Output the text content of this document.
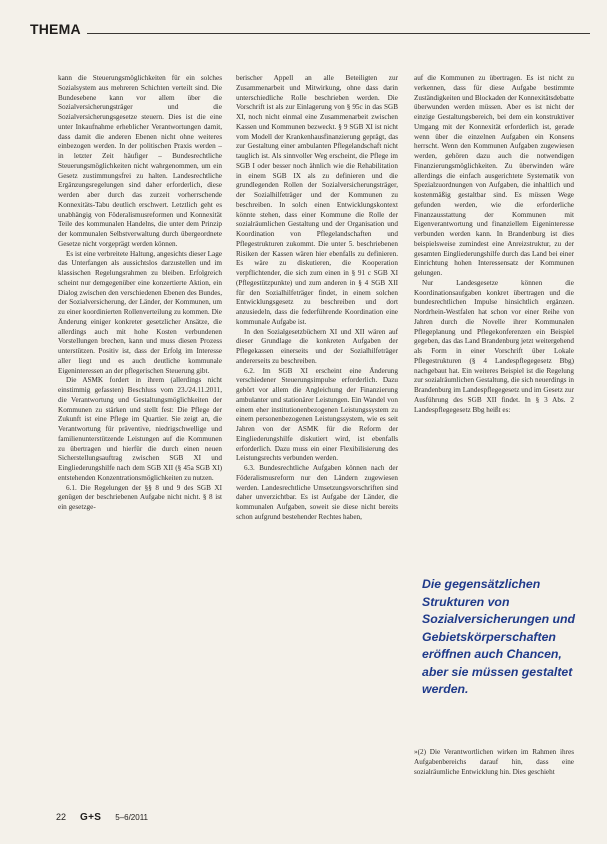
THEMA

kann die Steuerungsmöglichkeiten für ein solches Sozialsystem aus mehreren Schichten verteilt sind. Die Bundesebene kann vor allem über die Sozialversicherungsträger und die Sozialversicherungsgesetze steuern. Dies ist die eine unter Inkaufnahme erheblicher Verantwortungen damit, dass damit die anderen Ebenen nicht ohne weiteres einbezogen werden. In der politischen Praxis werden – in letzter Zeit häufiger – Bundesrechtliche Steuerungsmöglichkeiten nicht wahrgenommen, um ein Gesetz zustimmungsfrei zu halten. Landesrechtliche Ergänzungsregelungen sind daher erforderlich, diese werden aber durch das zurzeit vorherrschende Konnexitäts-Tabu deutlich erschwert. Letztlich geht es unabhängig von Föderalismusreformen und Konnexität Teile des kommunalen Handelns, die unter dem Prinzip der kommunalen Selbstverwaltung durch übergeordnete Gesetze nicht vorgeprägt werden können.

Es ist eine verbreitete Haltung, angesichts dieser Lage das Unterfangen als aussichtslos darzustellen und im klassischen Regelungsrahmen zu bleiben. Erfolgreich scheint nur demgegenüber eine konzertierte Aktion, ein Dialog zwischen den verschiedenen Ebenen des Bundes, der Sozialversicherung, der Länder, der Kommunen, um zu einer koordinierten Rollenverteilung zu kommen. Die Änderung einiger konkreter gesetzlicher Ansätze, die allerdings auch mit hohe Kosten verbundenen Vorstellungen brechen, kann und muss diesen Prozess unterstützen. Positiv ist, dass der Erfolg im Interesse aller liegt und es auch deutliche kommunale Eigeninteressen an der pflegerischen Steuerung gibt.

Die ASMK fordert in ihrem (allerdings nicht einstimmig gefassten) Beschluss vom 23./24.11.2011, die Verantwortung und Gestaltungsmöglichkeiten der Kommunen zu stärken und stellt fest: Die Pflege der Zukunft ist eine Pflege im Quartier. Sie zeigt an, die Verantwortung für präventive, niedrigschwellige und familienunterstützende Leistungen auf die Kommunen zu übertragen und hierfür die durch einen neuen Sicherstellungsauftrag zwischen SGB XI und Eingliederungshilfe nach dem SGB XII (§ 45a SGB XI) entstehenden Konzentrationsmöglichkeiten zu nutzen.

6.1. Die Regelungen der §§ 8 und 9 des SGB XI genügen der beschriebenen Aufgabe nicht nicht. § 8 ist ein gesetzge-

berischer Appell an alle Beteiligten zur Zusammenarbeit und Mitwirkung, ohne dass darin unterschiedliche Rolle beschrieben werden. Die Vorschrift ist als zur Einlagerung von § 95c in das SGB XI, noch nicht einmal eine Zusammenarbeit zwischen Kassen und Kommunen bezweckt. § 9 SGB XI ist nicht vom Modell der Krankenhausfinanzierung geprägt, das zur Gestaltung einer ambulanten Pflegelandschaft nicht tauglich ist. Als sinnvoller Weg erscheint, die Pflege im SGB I oder besser noch ähnlich wie die Rehabilitation in einem SGB IX als zu definieren und die grundlegenden Rollen der Sozialversicherungsträger, der Sozialhilfeträger und der Kommunen zu beschreiben. In solch einen Entwicklungskontext könnte stehen, dass einer Kommune die Rolle der sozialräumlichen Gestaltung und der Organisation und Koordination von Pflegelandschaften und Pflegestrukturen zukommt. Die unter 5. beschriebenen Risiken der Kassen wären hier ebenfalls zu definieren. Es wäre zu diskutieren, die Kooperation verpflichtender, die sich zum einen in § 91 c SGB XI (Pflegestützpunkte) und zum anderen in § 4 SGB XII für den Sozialhilfeträger findet, in einem solchen Entwicklungsgesetz zu beschreiben und dort anzusiedeln, dass die federführende Koordination eine kommunale Aufgabe ist.

In den Sozialgesetzbüchern XI und XII wären auf dieser Grundlage die konkreten Aufgaben der Pflegekassen einerseits und der Sozialhilfeträger andererseits zu beschreiben.

6.2. Im SGB XI erscheint eine Änderung verschiedener Steuerungsimpulse erforderlich. Dazu gehört vor allem die Angleichung der Finanzierung ambulanter und stationärer Leistungen. Ein Wandel von einem eher institutionenbezogenen Leistungssystem zu einem personenbezogenen Leistungssystem, wie es seit Jahren von der ASMK für die Reform der Eingliederungshilfe diskutiert wird, ist ebenfalls erforderlich. Dazu muss ein einer Flexibilisierung des Leistungsrechts verbunden werden.

6.3. Bundesrechtliche Aufgaben können nach der Föderalismusreform nur den Ländern zugewiesen werden. Landesrechtliche Umsetzungsvorschriften sind daher unverzichtbar. Es ist Aufgabe der Länder, die kommunalen Aufgaben, soweit sie diese nicht bereits schon aufgrund bestehender Rechtes haben,

auf die Kommunen zu übertragen. Es ist nicht zu verkennen, dass für diese Aufgabe bestimmte Zuständigkeiten und Blockaden der Konnexitätsdebatte überwunden werden müssen. Aber es ist nicht der einzige Gestaltungsbereich, bei dem ein konstruktiver Umgang mit der Konnexität erforderlich ist, gerade wenn über die einzelnen Aufgaben ein Konsens herrscht. Wenn den Kommunen Aufgaben zugewiesen werden, gehören dazu auch die notwendigen Finanzierungsmöglichkeiten. Zu überwinden wäre allerdings die einfach ausgerichtete Systematik von Spezialzuordnungen von Aufgaben, die inhaltlich und kostenmäßig gestaltbar sind. Es müssen Wege gefunden werden, wie die erforderliche Finanzausstattung der Kommunen mit Eigenverantwortung und finanziellem Eigeninteresse verbunden werden kann. In Brandenburg ist dies beispielsweise zumindest eine Anreizstruktur, zu der gesamten Eingliederungshilfe durch das Land bei einer Einrichtung hohen Interessensatz der Kommunen gelungen.

Nur Landesgesetze können die Koordinationsaufgaben konkret übertragen und die bundesrechtlichen Impulse hinsichtlich ergänzen. Nordrhein-Westfalen hat schon vor einer Reihe von Jahren durch die Novelle ihrer Kommunalen Pflegeplanung und Pflegekonferenzen ein Beispiel gegeben, das das Land Brandenburg jetzt weitergehend als Form in einer Vorschrift über Lokale Pflegestrukturen (§ 4 Landespflegegesetz Bbg) nachgebaut hat. Ein weiteres Beispiel ist die Regelung zur sozialräumlichen Gestaltung, die sich neuerdings in Brandenburg im Landespflegegesetz und im Gesetz zur Ausführung des SGB XII findet. In § 3 Abs. 2 Landespflegegesetz Bbg heißt es:

Die gegensätzlichen Strukturen von Sozialversicherungen und Gebietskörperschaften eröffnen auch Chancen, aber sie müssen gestaltet werden.

»(2) Die Verantwortlichen wirken im Rahmen ihres Aufgabenbereichs darauf hin, dass eine sozialräumliche Entwicklung hin. Dies geschieht

22 G+S 5–6/2011
